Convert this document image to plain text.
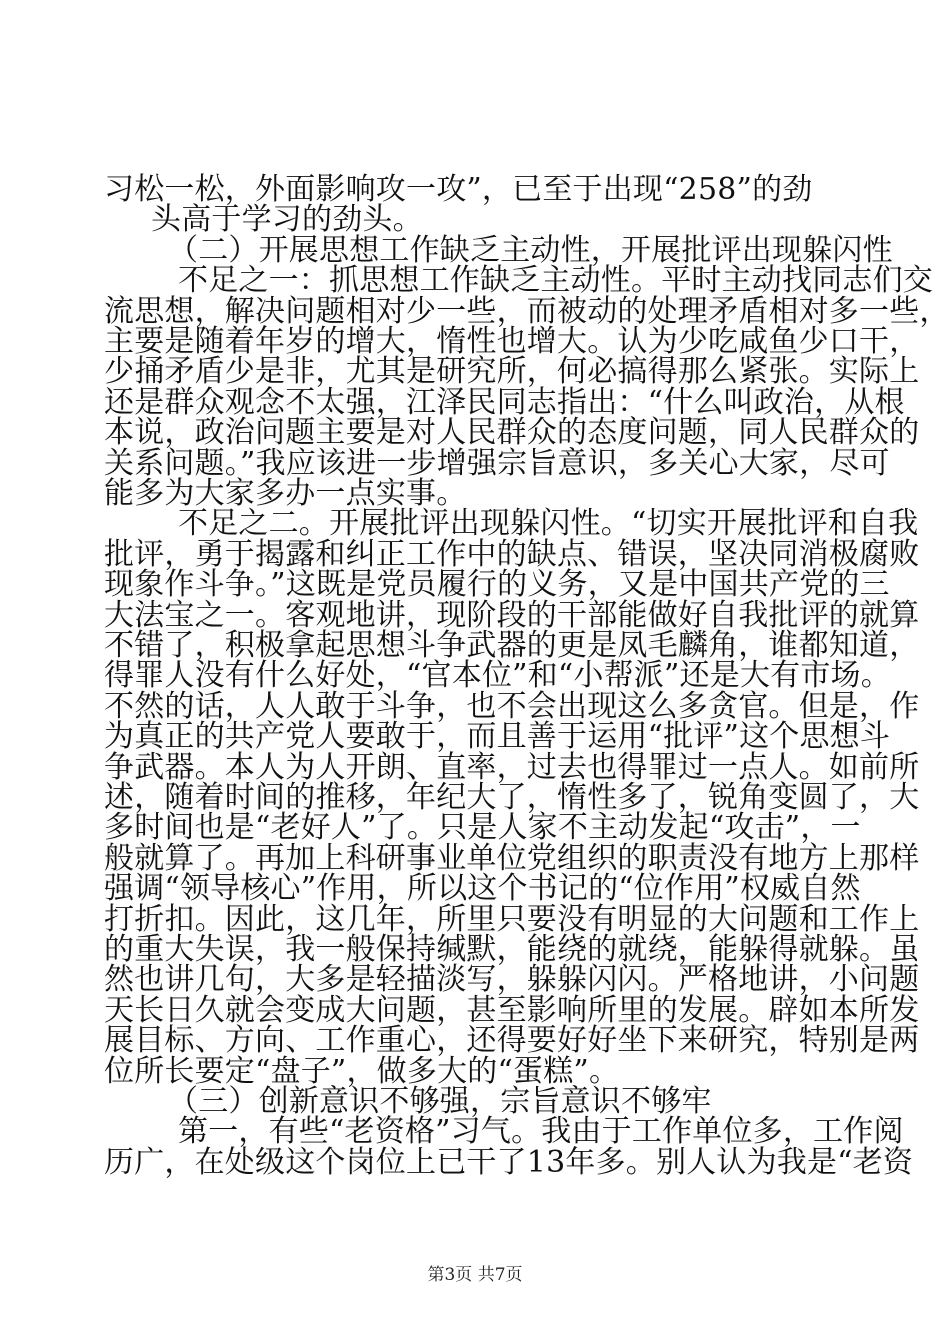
习松一松，外面影响攻一攻”，已至于出现“258”的劲
头高于学习的劲头。
（二）开展思想工作缺乏主动性，开展批评出现躲闪性
不足之一：抓思想工作缺乏主动性。平时主动找同志们交
流思想，解决问题相对少一些，而被动的处理矛盾相对多一些，
主要是随着年岁的增大，惰性也增大。认为少吃咸鱼少口干，
少捅矛盾少是非，尤其是研究所，何必搞得那么紧张。实际上
还是群众观念不太强，江泽民同志指出：“什么叫政治，从根
本说，政治问题主要是对人民群众的态度问题，同人民群众的
关系问题。”我应该进一步增强宗旨意识，多关心大家，尽可
能多为大家多办一点实事。
不足之二。开展批评出现躲闪性。“切实开展批评和自我
批评，勇于揭露和纠正工作中的缺点、错误，坚决同消极腐败
现象作斗争。”这既是党员履行的义务，又是中国共产党的三
大法宝之一。客观地讲，现阶段的干部能做好自我批评的就算
不错了，积极拿起思想斗争武器的更是凤毛麟角，谁都知道，
得罪人没有什么好处，“官本位”和“小帮派”还是大有市场。
不然的话，人人敢于斗争，也不会出现这么多贪官。但是，作
为真正的共产党人要敢于，而且善于运用“批评”这个思想斗
争武器。本人为人开朗、直率，过去也得罪过一点人。如前所
述，随着时间的推移，年纪大了，惰性多了，锐角变圆了，大
多时间也是“老好人”了。只是人家不主动发起“攻击”，一
般就算了。再加上科研事业单位党组织的职责没有地方上那样
强调“领导核心”作用，所以这个书记的“位作用”权威自然
打折扣。因此，这几年，所里只要没有明显的大问题和工作上
的重大失误，我一般保持缄默，能绕的就绕，能躲得就躲。虽
然也讲几句，大多是轻描淡写，躲躲闪闪。严格地讲，小问题
天长日久就会变成大问题，甚至影响所里的发展。辟如本所发
展目标、方向、工作重心，还得要好好坐下来研究，特别是两
位所长要定“盘子”，做多大的“蛋糕”。
（三）创新意识不够强，宗旨意识不够牢
第一，有些“老资格”习气。我由于工作单位多，工作阅
历广，在处级这个岗位上已干了13年多。别人认为我是“老资
第3页 共7页
